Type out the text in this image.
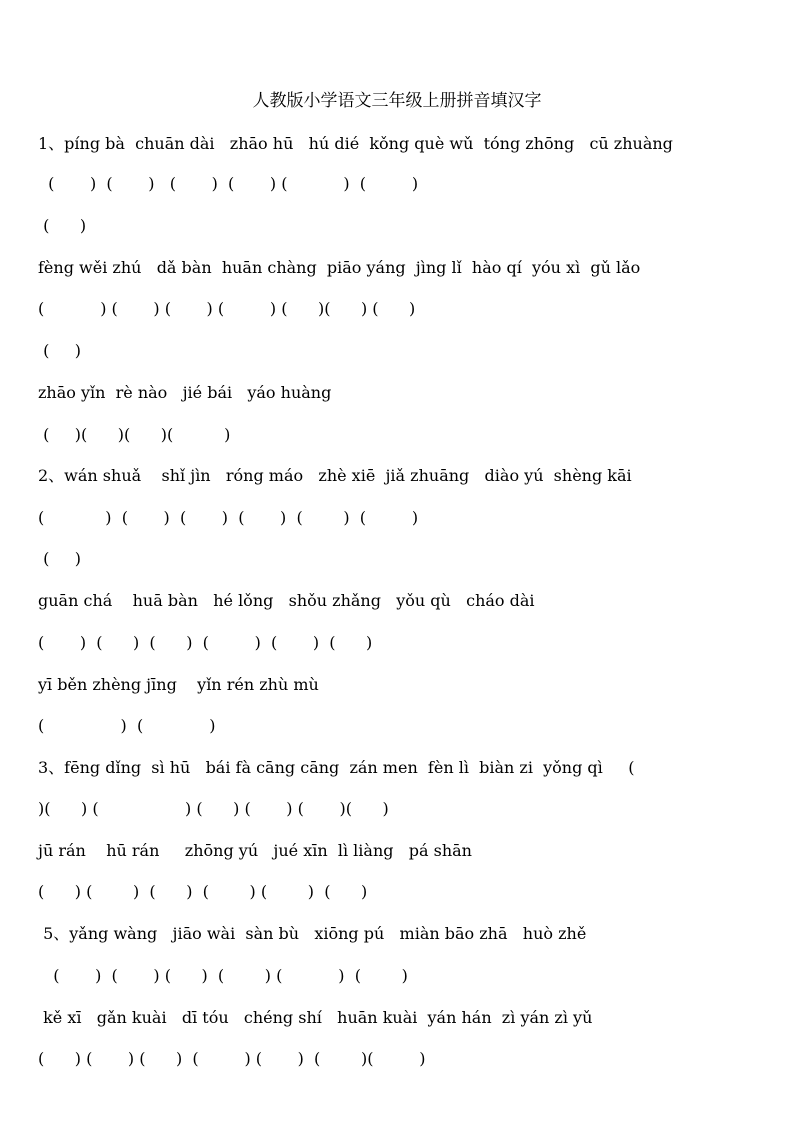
人教版小学语文三年级上册拼音填汉字
1、píng bà  chuān dài   zhāo hū   hú dié  kǒng què wǔ  tóng zhōng   cū zhuàng
(       )  (       )   (       )  (       ) (           )  (         )
(      )
fèng wěi zhú   dǎ bàn  huān chàng  piāo yáng  jìng lǐ  hào qí  yóu xì  gǔ lǎo
(           ) (       ) (       ) (         ) (      )(      ) (      )
(     )
zhāo yǐn  rè nào   jié bái   yáo huàng
(     )(      )(      )(          )
2、wán shuǎ    shǐ jìn   róng máo   zhè xiē  jiǎ zhuāng   diào yú  shèng kāi
(            )  (       )  (       )  (       )  (        )  (         )
(     )
guān chá    huā bàn   hé lǒng   shǒu zhǎng   yǒu qù   cháo dài
(       )  (      )  (      )  (         )  (       )  (      )
yī běn zhèng jīng    yǐn rén zhù mù
(               )  (             )
3、fēng dǐng  sì hū   bái fà cāng cāng  zán men  fèn lì  biàn zi  yǒng qì     (
)(      ) (                 ) (      ) (       ) (       )(      )
jū rán    hū rán     zhōng yú   jué xīn  lì liàng   pá shān
(      ) (        )  (      )  (        ) (        )  (      )
5、yǎng wàng   jiāo wài  sàn bù   xiōng pú   miàn bāo zhā   huò zhě
(       )  (       ) (      )  (        ) (           )  (        )
kě xī   gǎn kuài   dī tóu   chéng shí   huān kuài  yán hán  zì yán zì yǔ
(      ) (       ) (      )  (         ) (       )  (        )(         )
